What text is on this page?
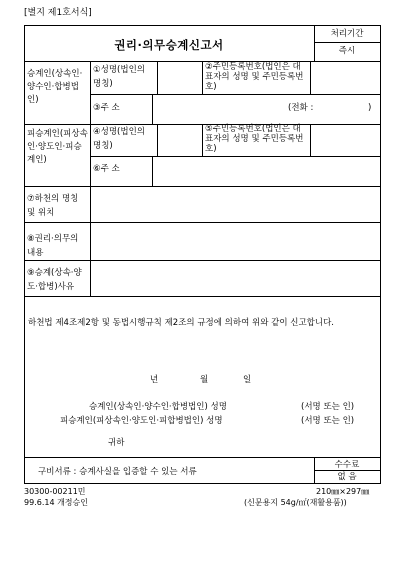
[별지 제1호서식]
권리·의무승계신고서
처리기간
즉시
승계인(상속인·양수인·합병법인)
①성명(법인의 명칭)
②주민등록번호(법인은 대표자의 성명 및 주민등록번호)
③주 소	(전화 :	)
피승계인(피상속인·양도인·피승계인)
④성명(법인의 명칭)
⑤주민등록번호(법인은 대표자의 성명 및 주민등록번호)
⑥주 소
⑦하천의 명칭 및 위치
⑧권리·의무의 내용
⑨승계(상속·양도·합병)사유
하천법 제4조제2항 및 동법시행규칙 제2조의 규정에 의하여 위와 같이 신고합니다.
년	월	일
승계인(상속인·양수인·합병법인) 성명	(서명 또는 인)
피승계인(피상속인·양도인·피합병법인) 성명	(서명 또는 인)
귀하
구비서류 : 승계사실을 입증할 수 있는 서류
수수료
없 음
30300-00211민
99.6.14 개정승인
210㎜×297㎜
(신문용지 54g/㎡(재활용품))
